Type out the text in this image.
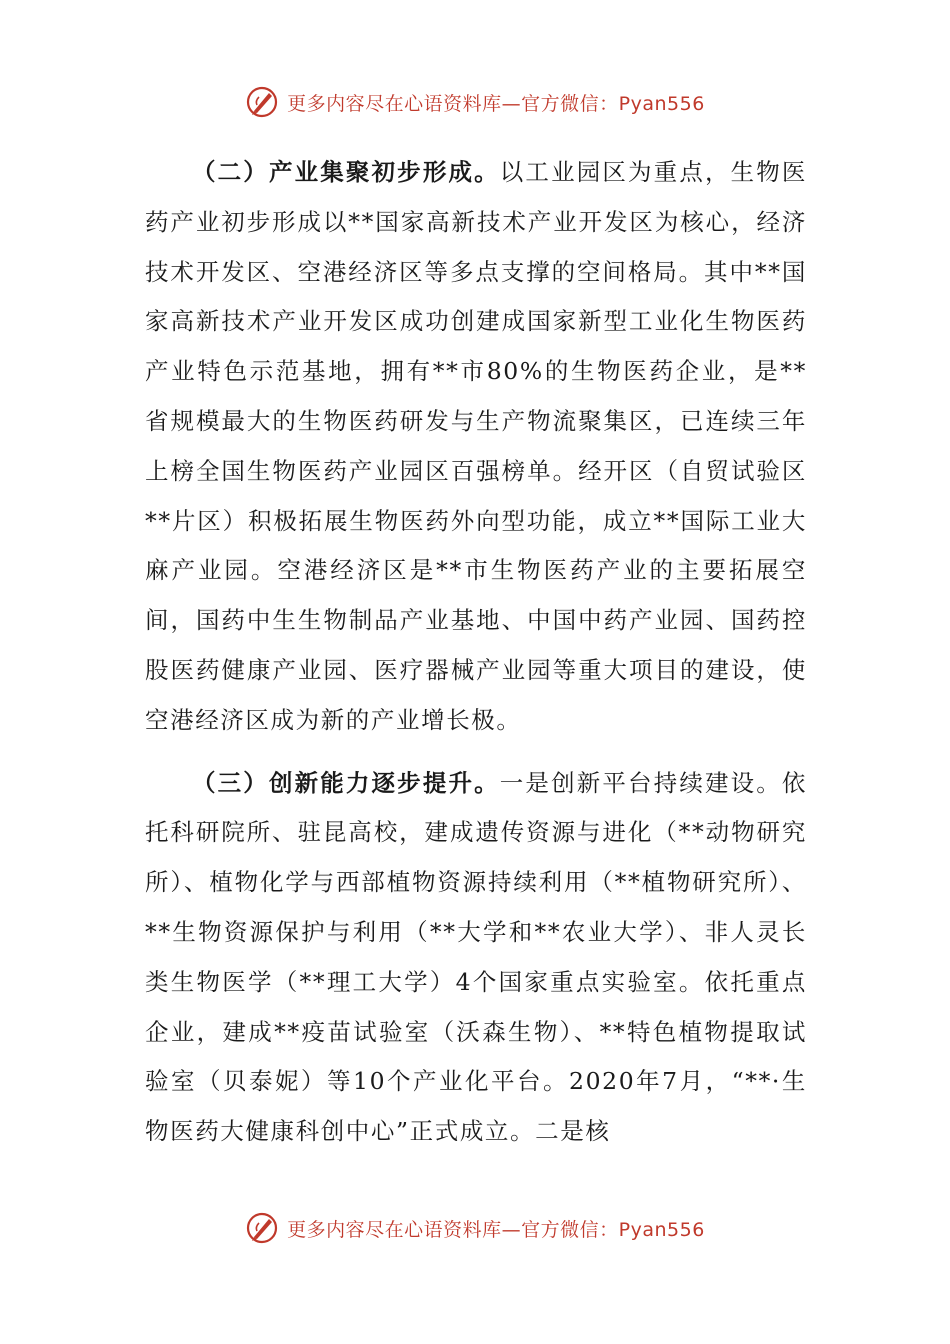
更多内容尽在心语资料库—官方微信：Pyan556

（二）产业集聚初步形成。以工业园区为重点，生物医药产业初步形成以**国家高新技术产业开发区为核心，经济技术开发区、空港经济区等多点支撑的空间格局。其中**国家高新技术产业开发区成功创建成国家新型工业化生物医药产业特色示范基地，拥有**市80%的生物医药企业，是**省规模最大的生物医药研发与生产物流聚集区，已连续三年上榜全国生物医药产业园区百强榜单。经开区（自贸试验区**片区）积极拓展生物医药外向型功能，成立**国际工业大麻产业园。空港经济区是**市生物医药产业的主要拓展空间，国药中生生物制品产业基地、中国中药产业园、国药控股医药健康产业园、医疗器械产业园等重大项目的建设，使空港经济区成为新的产业增长极。

（三）创新能力逐步提升。一是创新平台持续建设。依托科研院所、驻昆高校，建成遗传资源与进化（**动物研究所）、植物化学与西部植物资源持续利用（**植物研究所）、**生物资源保护与利用（**大学和**农业大学）、非人灵长类生物医学（**理工大学）4个国家重点实验室。依托重点企业，建成**疫苗试验室（沃森生物）、**特色植物提取试验室（贝泰妮）等10个产业化平台。2020年7月，“**·生物医药大健康科创中心”正式成立。二是核

更多内容尽在心语资料库—官方微信：Pyan556
